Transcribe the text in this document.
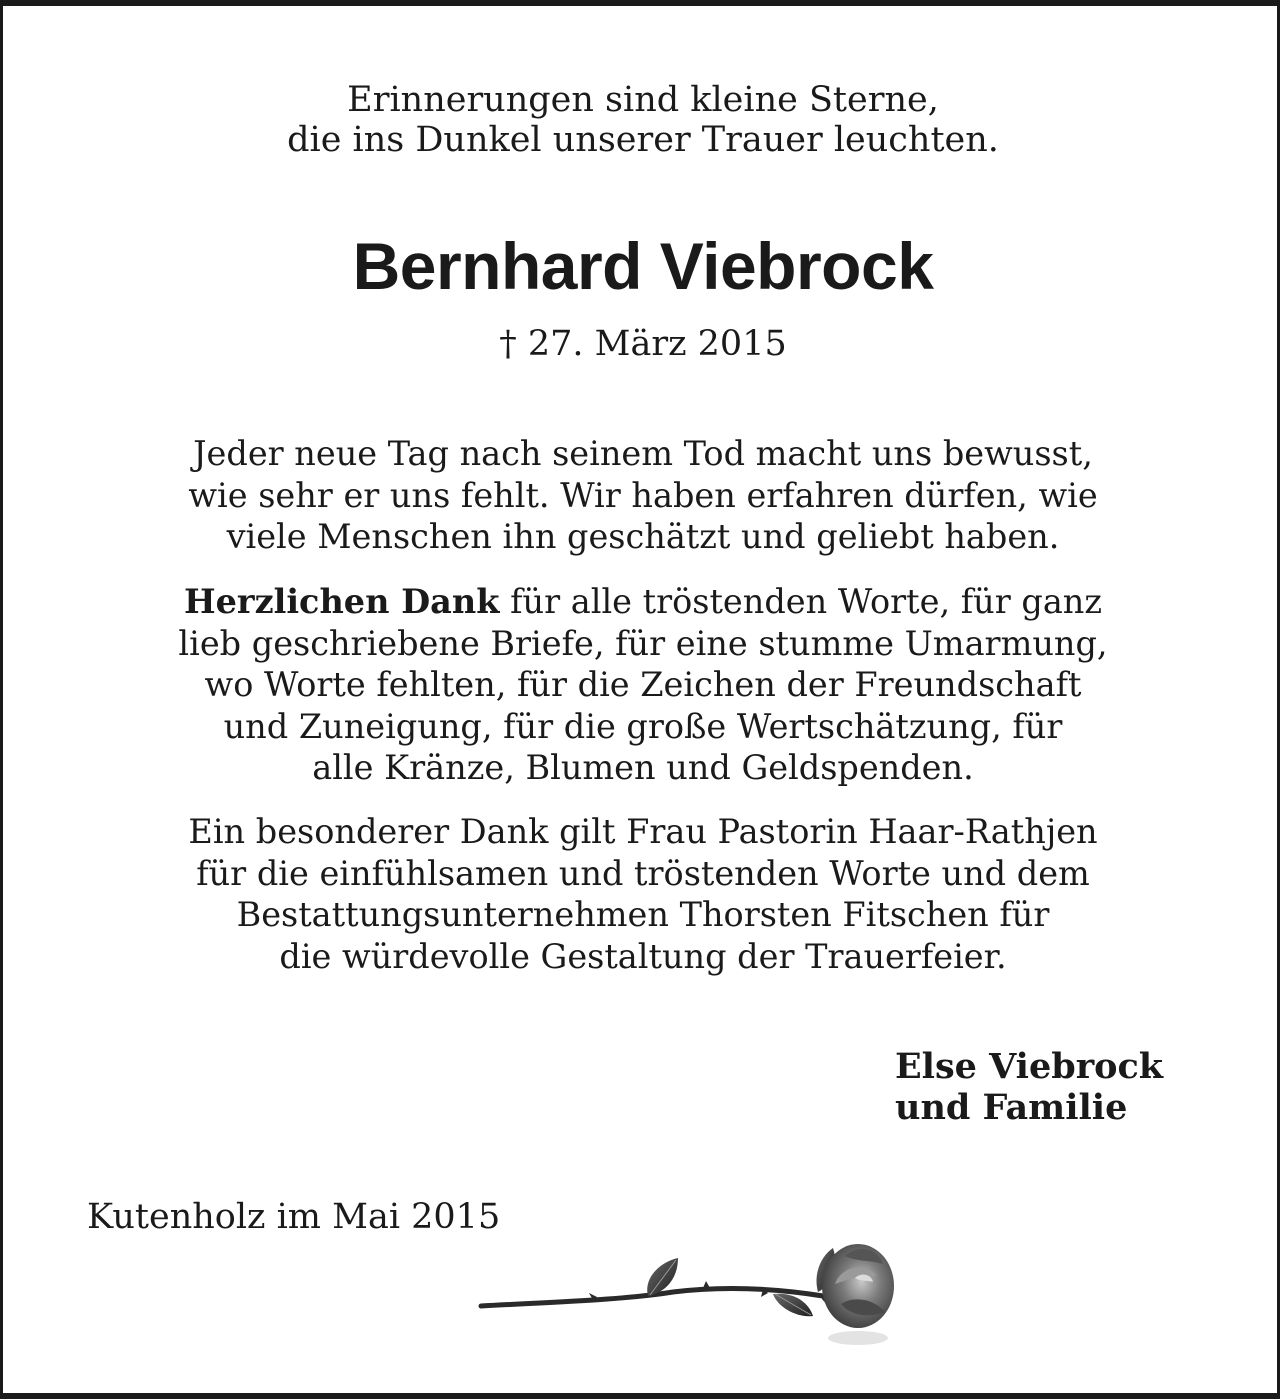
Erinnerungen sind kleine Sterne,
die ins Dunkel unserer Trauer leuchten.

Bernhard Viebrock

† 27. März 2015

Jeder neue Tag nach seinem Tod macht uns bewusst,
wie sehr er uns fehlt. Wir haben erfahren dürfen, wie
viele Menschen ihn geschätzt und geliebt haben.

Herzlichen Dank für alle tröstenden Worte, für ganz
lieb geschriebene Briefe, für eine stumme Umarmung,
wo Worte fehlten, für die Zeichen der Freundschaft
und Zuneigung, für die große Wertschätzung, für
alle Kränze, Blumen und Geldspenden.

Ein besonderer Dank gilt Frau Pastorin Haar-Rathjen
für die einfühlsamen und tröstenden Worte und dem
Bestattungsunternehmen Thorsten Fitschen für
die würdevolle Gestaltung der Trauerfeier.

Else Viebrock
und Familie

Kutenholz im Mai 2015
